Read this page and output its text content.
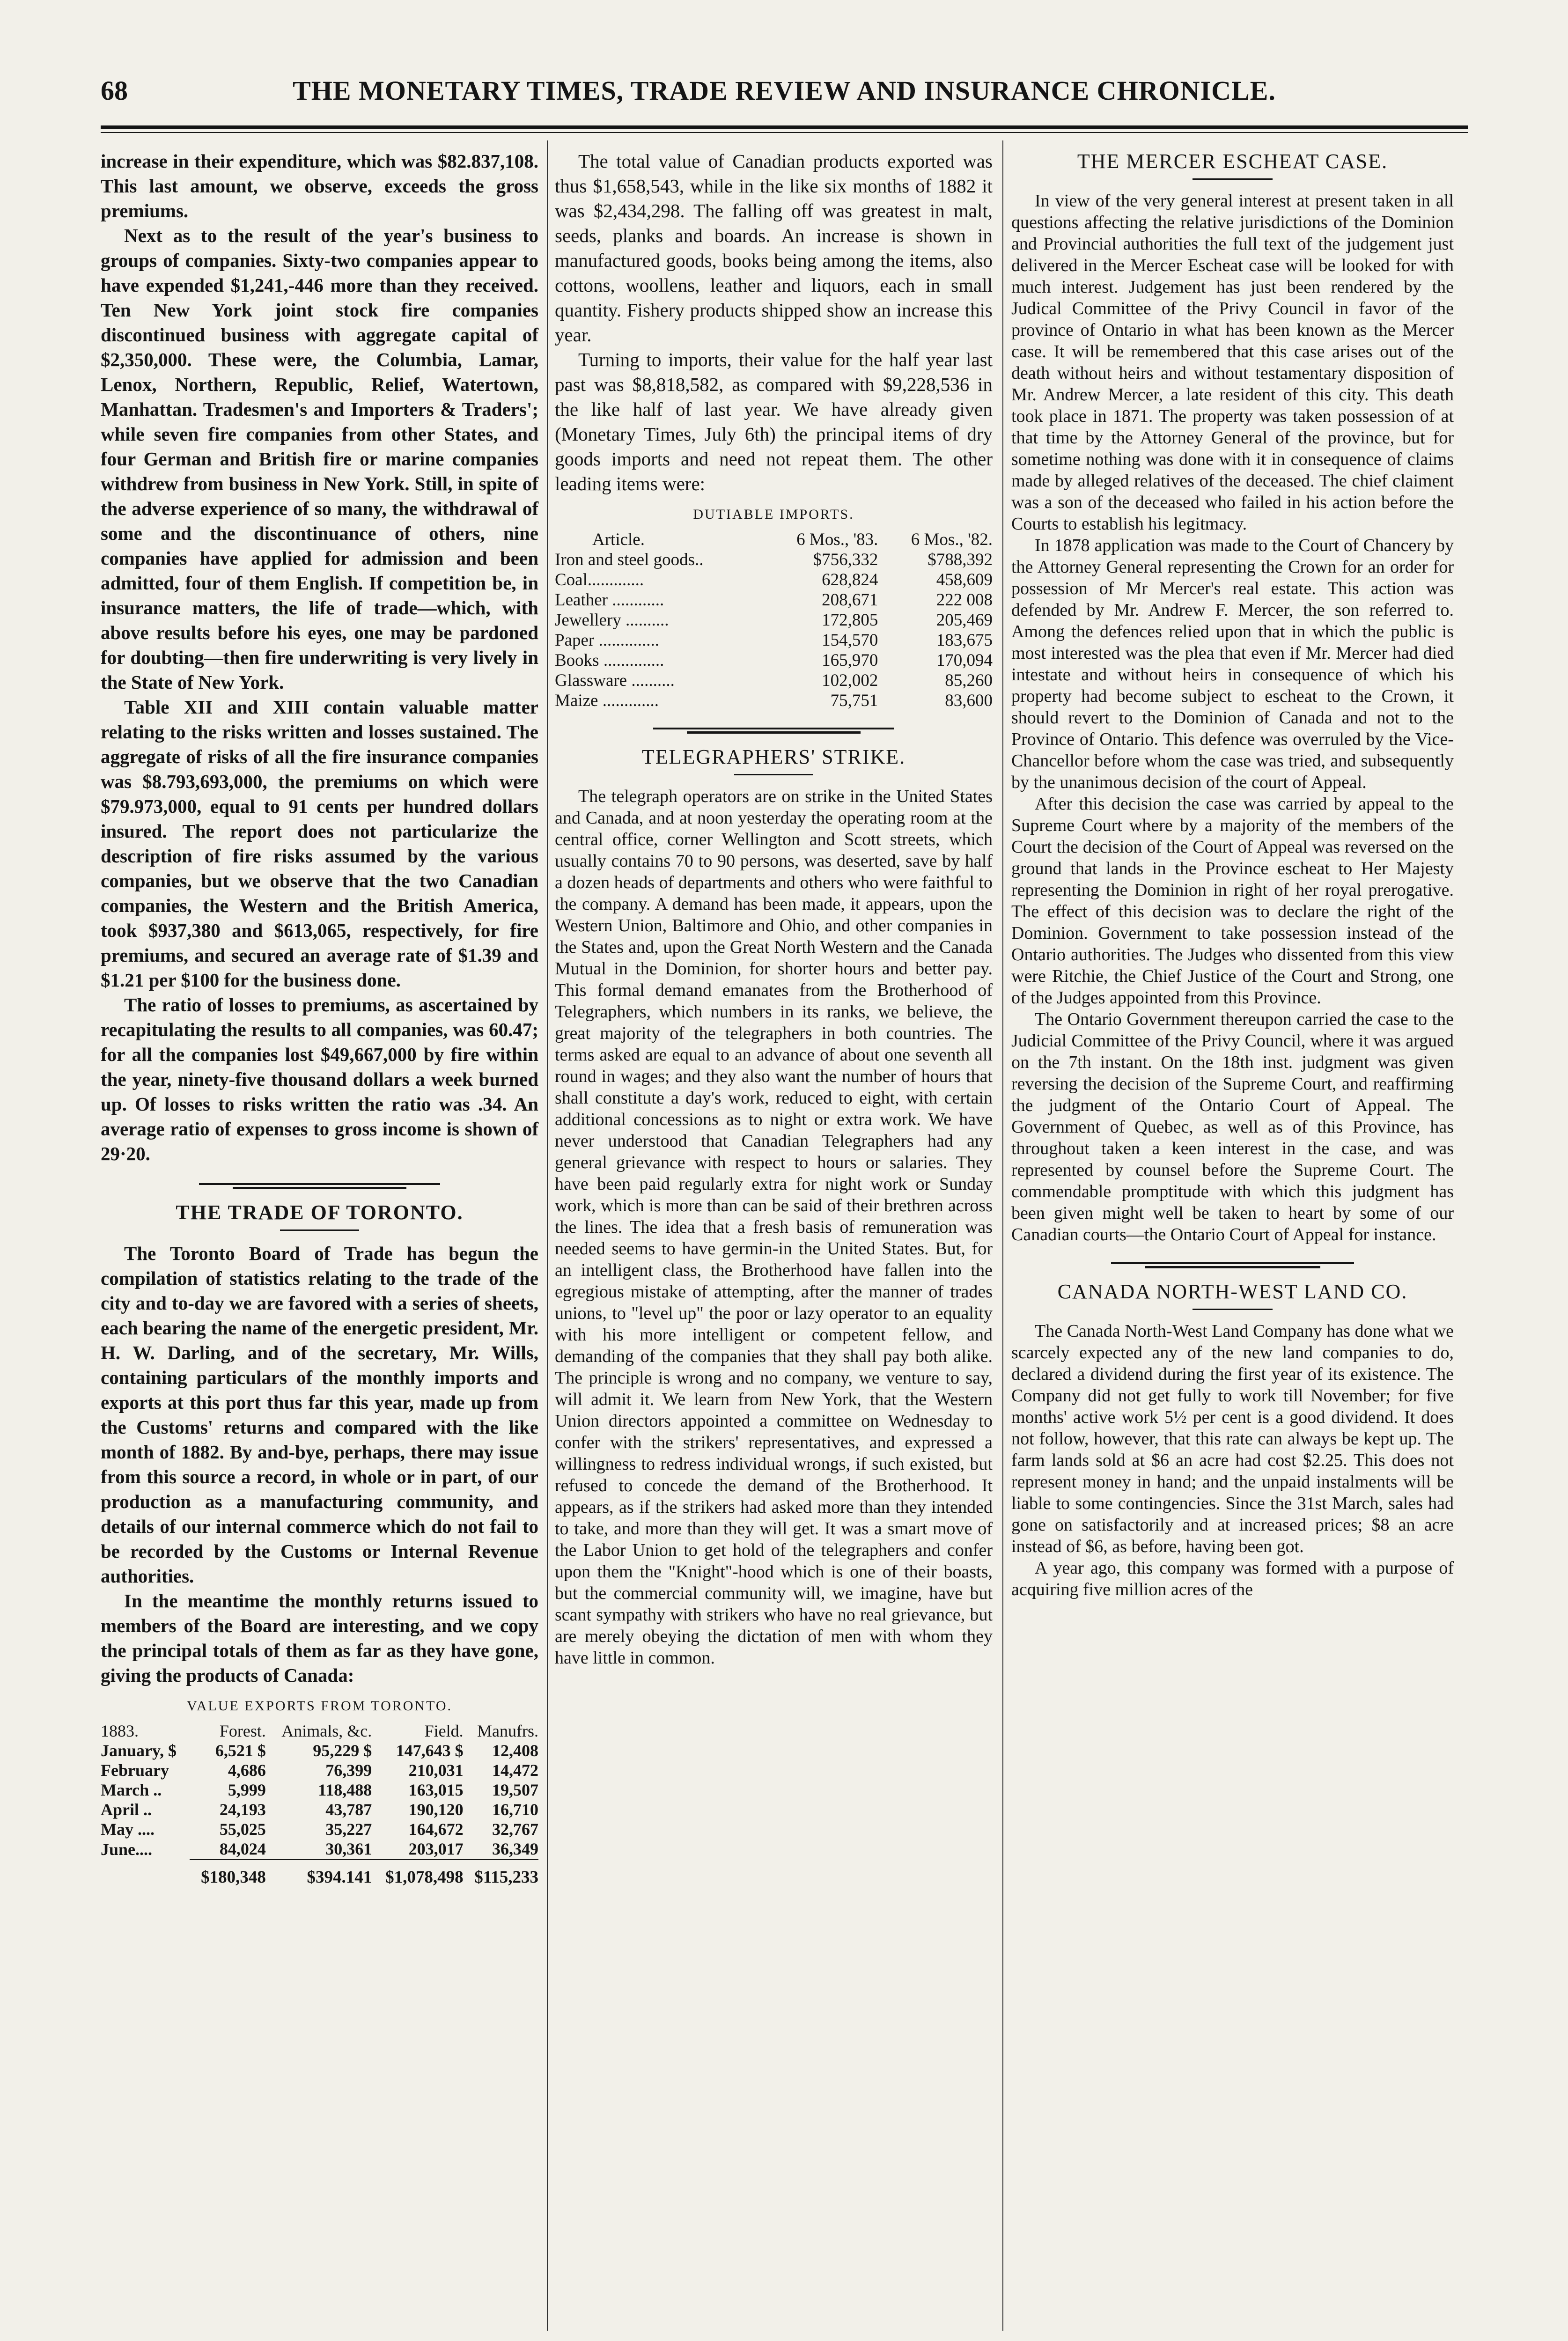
68	THE MONETARY TIMES, TRADE REVIEW AND INSURANCE CHRONICLE.

increase in their expenditure, which was $82.837,108. This last amount, we observe, exceeds the gross premiums.

Next as to the result of the year's business to groups of companies. Sixty-two companies appear to have expended $1,241,-446 more than they received. Ten New York joint stock fire companies discontinued business with aggregate capital of $2,350,000. These were, the Columbia, Lamar, Lenox, Northern, Republic, Relief, Watertown, Manhattan. Tradesmen's and Importers & Traders'; while seven fire companies from other States, and four German and British fire or marine companies withdrew from business in New York. Still, in spite of the adverse experience of so many, the withdrawal of some and the discontinuance of others, nine companies have applied for admission and been admitted, four of them English. If competition be, in insurance matters, the life of trade—which, with above results before his eyes, one may be pardoned for doubting—then fire underwriting is very lively in the State of New York.

Table XII and XIII contain valuable matter relating to the risks written and losses sustained. The aggregate of risks of all the fire insurance companies was $8.793,693,000, the premiums on which were $79.973,000, equal to 91 cents per hundred dollars insured. The report does not particularize the description of fire risks assumed by the various companies, but we observe that the two Canadian companies, the Western and the British America, took $937,380 and $613,065, respectively, for fire premiums, and secured an average rate of $1.39 and $1.21 per $100 for the business done.

The ratio of losses to premiums, as ascertained by recapitulating the results to all companies, was 60.47; for all the companies lost $49,667,000 by fire within the year, ninety-five thousand dollars a week burned up. Of losses to risks written the ratio was .34. An average ratio of expenses to gross income is shown of 29·20.

THE TRADE OF TORONTO.

The Toronto Board of Trade has begun the compilation of statistics relating to the trade of the city and to-day we are favored with a series of sheets, each bearing the name of the energetic president, Mr. H. W. Darling, and of the secretary, Mr. Wills, containing particulars of the monthly imports and exports at this port thus far this year, made up from the Customs' returns and compared with the like month of 1882. By and-bye, perhaps, there may issue from this source a record, in whole or in part, of our production as a manufacturing community, and details of our internal commerce which do not fail to be recorded by the Customs or Internal Revenue authorities.

In the meantime the monthly returns issued to members of the Board are interesting, and we copy the principal totals of them as far as they have gone, giving the products of Canada:

VALUE EXPORTS FROM TORONTO.
1883.	Forest.	Animals, &c.	Field.	Manufrs.
January, $	6,521 $	95,229 $	147,643 $	12,408
February	4,686	76,399	210,031	14,472
March ..	5,999	118,488	163,015	19,507
April ..	24,193	43,787	190,120	16,710
May ....	55,025	35,227	164,672	32,767
June....	84,024	30,361	203,017	36,349
	$180,348	$394.141	$1,078,498	$115,233

The total value of Canadian products exported was thus $1,658,543, while in the like six months of 1882 it was $2,434,298. The falling off was greatest in malt, seeds, planks and boards. An increase is shown in manufactured goods, books being among the items, also cottons, woollens, leather and liquors, each in small quantity. Fishery products shipped show an increase this year.

Turning to imports, their value for the half year last past was $8,818,582, as compared with $9,228,536 in the like half of last year. We have already given (Monetary Times, July 6th) the principal items of dry goods imports and need not repeat them. The other leading items were:

DUTIABLE IMPORTS.
Article.	6 Mos., '83.	6 Mos., '82.
Iron and steel goods..	$756,332	$788,392
Coal.............	628,824	458,609
Leather ............	208,671	222 008
Jewellery ..........	172,805	205,469
Paper ..............	154,570	183,675
Books ..............	165,970	170,094
Glassware ..........	102,002	85,260
Maize .............	75,751	83,600
TELEGRAPHERS' STRIKE.

The telegraph operators are on strike in the United States and Canada, and at noon yesterday the operating room at the central office, corner Wellington and Scott streets, which usually contains 70 to 90 persons, was deserted, save by half a dozen heads of departments and others who were faithful to the company. A demand has been made, it appears, upon the Western Union, Baltimore and Ohio, and other companies in the States and, upon the Great North Western and the Canada Mutual in the Dominion, for shorter hours and better pay. This formal demand emanates from the Brotherhood of Telegraphers, which numbers in its ranks, we believe, the great majority of the telegraphers in both countries. The terms asked are equal to an advance of about one seventh all round in wages; and they also want the number of hours that shall constitute a day's work, reduced to eight, with certain additional concessions as to night or extra work. We have never understood that Canadian Telegraphers had any general grievance with respect to hours or salaries. They have been paid regularly extra for night work or Sunday work, which is more than can be said of their brethren across the lines. The idea that a fresh basis of remuneration was needed seems to have germin-in the United States. But, for an intelligent class, the Brotherhood have fallen into the egregious mistake of attempting, after the manner of trades unions, to "level up" the poor or lazy operator to an equality with his more intelligent or competent fellow, and demanding of the companies that they shall pay both alike. The principle is wrong and no company, we venture to say, will admit it. We learn from New York, that the Western Union directors appointed a committee on Wednesday to confer with the strikers' representatives, and expressed a willingness to redress individual wrongs, if such existed, but refused to concede the demand of the Brotherhood. It appears, as if the strikers had asked more than they intended to take, and more than they will get. It was a smart move of the Labor Union to get hold of the telegraphers and confer upon them the "Knight"-hood which is one of their boasts, but the commercial community will, we imagine, have but scant sympathy with strikers who have no real grievance, but are merely obeying the dictation of men with whom they have little in common.

THE MERCER ESCHEAT CASE.

In view of the very general interest at present taken in all questions affecting the relative jurisdictions of the Dominion and Provincial authorities the full text of the judgement just delivered in the Mercer Escheat case will be looked for with much interest. Judgement has just been rendered by the Judical Committee of the Privy Council in favor of the province of Ontario in what has been known as the Mercer case. It will be remembered that this case arises out of the death without heirs and without testamentary disposition of Mr. Andrew Mercer, a late resident of this city. This death took place in 1871. The property was taken possession of at that time by the Attorney General of the province, but for sometime nothing was done with it in consequence of claims made by alleged relatives of the deceased. The chief claiment was a son of the deceased who failed in his action before the Courts to establish his legitmacy.

In 1878 application was made to the Court of Chancery by the Attorney General representing the Crown for an order for possession of Mr Mercer's real estate. This action was defended by Mr. Andrew F. Mercer, the son referred to. Among the defences relied upon that in which the public is most interested was the plea that even if Mr. Mercer had died intestate and without heirs in consequence of which his property had become subject to escheat to the Crown, it should revert to the Dominion of Canada and not to the Province of Ontario. This defence was overruled by the Vice-Chancellor before whom the case was tried, and subsequently by the unanimous decision of the court of Appeal.

After this decision the case was carried by appeal to the Supreme Court where by a majority of the members of the Court the decision of the Court of Appeal was reversed on the ground that lands in the Province escheat to Her Majesty representing the Dominion in right of her royal prerogative. The effect of this decision was to declare the right of the Dominion. Government to take possession instead of the Ontario authorities. The Judges who dissented from this view were Ritchie, the Chief Justice of the Court and Strong, one of the Judges appointed from this Province.

The Ontario Government thereupon carried the case to the Judicial Committee of the Privy Council, where it was argued on the 7th instant. On the 18th inst. judgment was given reversing the decision of the Supreme Court, and reaffirming the judgment of the Ontario Court of Appeal. The Government of Quebec, as well as of this Province, has throughout taken a keen interest in the case, and was represented by counsel before the Supreme Court. The commendable promptitude with which this judgment has been given might well be taken to heart by some of our Canadian courts—the Ontario Court of Appeal for instance.

CANADA NORTH-WEST LAND CO.

The Canada North-West Land Company has done what we scarcely expected any of the new land companies to do, declared a dividend during the first year of its existence. The Company did not get fully to work till November; for five months' active work 5½ per cent is a good dividend. It does not follow, however, that this rate can always be kept up. The farm lands sold at $6 an acre had cost $2.25. This does not represent money in hand; and the unpaid instalments will be liable to some contingencies. Since the 31st March, sales had gone on satisfactorily and at increased prices; $8 an acre instead of $6, as before, having been got.

A year ago, this company was formed with a purpose of acquiring five million acres of the
